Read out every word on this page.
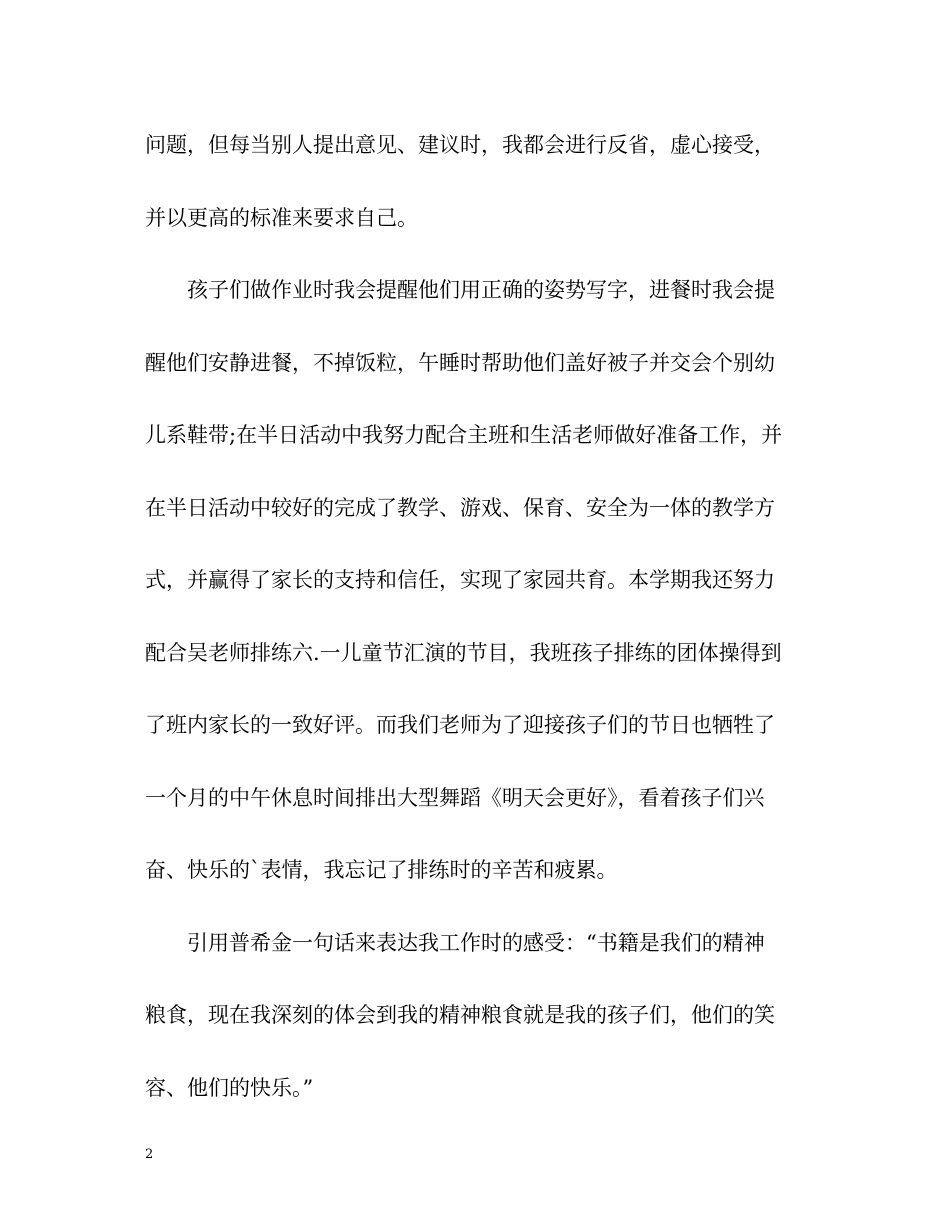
问题，但每当别人提出意见、建议时，我都会进行反省，虚心接受，
并以更高的标准来要求自己。
孩子们做作业时我会提醒他们用正确的姿势写字，进餐时我会提
醒他们安静进餐，不掉饭粒，午睡时帮助他们盖好被子并交会个别幼
儿系鞋带;在半日活动中我努力配合主班和生活老师做好准备工作，并
在半日活动中较好的完成了教学、游戏、保育、安全为一体的教学方
式，并赢得了家长的支持和信任，实现了家园共育。本学期我还努力
配合吴老师排练六.一儿童节汇演的节目，我班孩子排练的团体操得到
了班内家长的一致好评。而我们老师为了迎接孩子们的节日也牺牲了
一个月的中午休息时间排出大型舞蹈《明天会更好》，看着孩子们兴
奋、快乐的`表情，我忘记了排练时的辛苦和疲累。
引用普希金一句话来表达我工作时的感受：“书籍是我们的精神
粮食，现在我深刻的体会到我的精神粮食就是我的孩子们，他们的笑
容、他们的快乐。”
2
